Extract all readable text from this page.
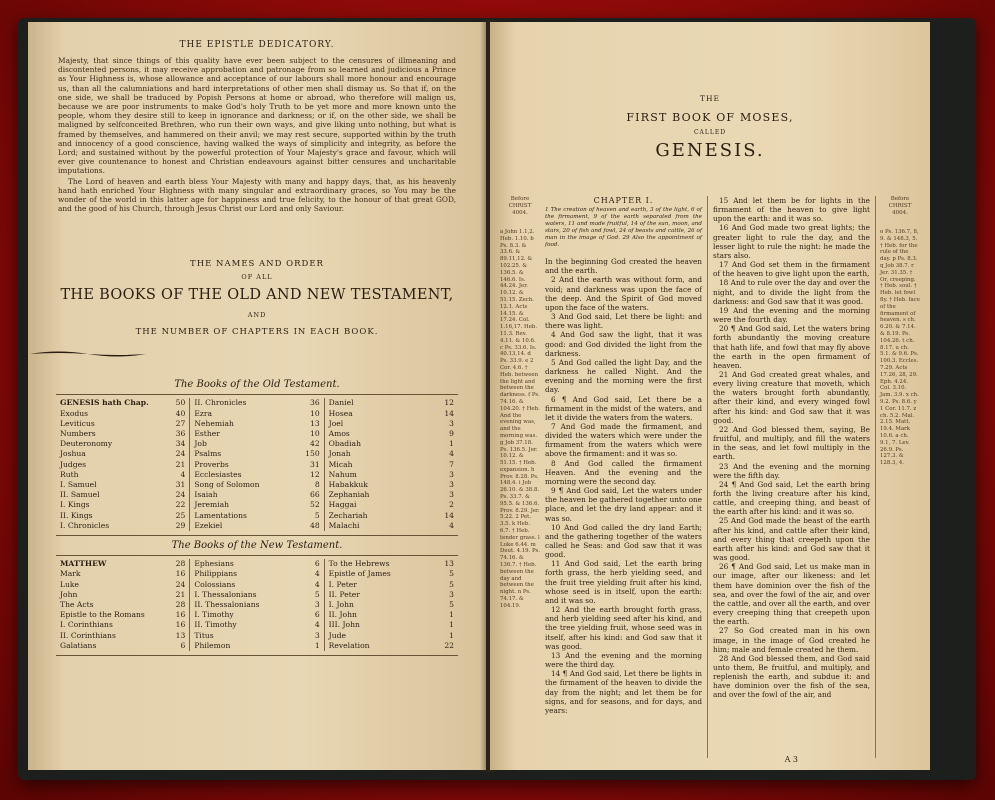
THE EPISTLE DEDICATORY.
Majesty, that since things of this quality have ever been subject to the censures of illmeaning and discontented persons, it may receive approbation and patronage from so learned and judicious a Prince as Your Highness is, whose allowance and acceptance of our labours shall more honour and encourage us, than all the calumniations and hard interpretations of other men shall dismay us. So that if, on the one side, we shall be traduced by Popish Persons at home or abroad, who therefore will malign us, because we are poor instruments to make God's holy Truth to be yet more and more known unto the people, whom they desire still to keep in ignorance and darkness; or if, on the other side, we shall be maligned by selfconceited Brethren, who run their own ways, and give liking unto nothing, but what is framed by themselves, and hammered on their anvil; we may rest secure, supported within by the truth and innocency of a good conscience, having walked the ways of simplicity and integrity, as before the Lord; and sustained without by the powerful protection of Your Majesty's grace and favour, which will ever give countenance to honest and Christian endeavours against bitter censures and uncharitable imputations.
The Lord of heaven and earth bless Your Majesty with many and happy days, that, as his heavenly hand hath enriched Your Highness with many singular and extraordinary graces, so You may be the wonder of the world in this latter age for happiness and true felicity, to the honour of that great GOD, and the good of his Church, through Jesus Christ our Lord and only Saviour.
THE NAMES AND ORDER
OF ALL
THE BOOKS OF THE OLD AND NEW TESTAMENT,
AND
THE NUMBER OF CHAPTERS IN EACH BOOK.
The Books of the Old Testament.
GENESIS hath Chap.	50
Exodus	40
Leviticus	27
Numbers	36
Deuteronomy	34
Joshua	24
Judges	21
Ruth	4
I. Samuel	31
II. Samuel	24
I. Kings	22
II. Kings	25
I. Chronicles	29
II. Chronicles	36
Ezra	10
Nehemiah	13
Esther	10
Job	42
Psalms	150
Proverbs	31
Ecclesiastes	12
Song of Solomon	8
Isaiah	66
Jeremiah	52
Lamentations	5
Ezekiel	48
Daniel	12
Hosea	14
Joel	3
Amos	9
Obadiah	1
Jonah	4
Micah	7
Nahum	3
Habakkuk	3
Zephaniah	3
Haggai	2
Zechariah	14
Malachi	4
The Books of the New Testament.
MATTHEW	28
Mark	16
Luke	24
John	21
The Acts	28
Epistle to the Romans	16
I. Corinthians	16
II. Corinthians	13
Galatians	6
Ephesians	6
Philippians	4
Colossians	4
I. Thessalonians	5
II. Thessalonians	3
I. Timothy	6
II. Timothy	4
Titus	3
Philemon	1
To the Hebrews	13
Epistle of James	5
I. Peter	5
II. Peter	3
I. John	5
II. John	1
III. John	1
Jude	1
Revelation	22
THE
FIRST BOOK OF MOSES,
CALLED
GENESIS.
Before CHRIST 4004.
a John 1.1,2. Heb. 1.10. b Ps. 8.3. & 33.6. & 89.11,12. & 102.25. & 136.5. & 146.6. Is. 44.24. Jer. 10.12. & 51.15. Zech. 12.1. Acts 14.15. & 17.24. Col. 1.16,17. Heb. 11.3. Rev. 4.11. & 10.6. c Ps. 33.6. Is. 40.13,14. d Ps. 33.9. e 2 Cor. 4.6. † Heb. between the light and between the darkness. f Ps. 74.16. & 104.20. † Heb. And the evening was, and the morning was. g Job 37.18. Ps. 136.5. Jer. 10.12. & 51.15. † Heb. expansion. h Prov. 8.28. Ps. 148.4. i Job 26.10. & 38.8. Ps. 33.7. & 95.5. & 136.6. Prov. 8.29. Jer. 5.22. 2 Pet. 3.5. k Heb. 6.7. † Heb. tender grass. l Luke 6.44. m Deut. 4.19. Ps. 74.16. & 136.7. † Heb. between the day and between the night. n Ps. 74.17. & 104.19.
CHAPTER I.
1 The creation of heaven and earth, 3 of the light, 6 of the firmament, 9 of the earth separated from the waters, 11 and made fruitful, 14 of the sun, moon, and stars, 20 of fish and fowl, 24 of beasts and cattle, 26 of man in the image of God. 29 Also the appointment of food.
In the beginning God created the heaven and the earth.
2 And the earth was without form, and void; and darkness was upon the face of the deep. And the Spirit of God moved upon the face of the waters.
3 And God said, Let there be light: and there was light.
4 And God saw the light, that it was good: and God divided the light from the darkness.
5 And God called the light Day, and the darkness he called Night. And the evening and the morning were the first day.
6 ¶ And God said, Let there be a firmament in the midst of the waters, and let it divide the waters from the waters.
7 And God made the firmament, and divided the waters which were under the firmament from the waters which were above the firmament: and it was so.
8 And God called the firmament Heaven. And the evening and the morning were the second day.
9 ¶ And God said, Let the waters under the heaven be gathered together unto one place, and let the dry land appear: and it was so.
10 And God called the dry land Earth; and the gathering together of the waters called he Seas: and God saw that it was good.
11 And God said, Let the earth bring forth grass, the herb yielding seed, and the fruit tree yielding fruit after his kind, whose seed is in itself, upon the earth: and it was so.
12 And the earth brought forth grass, and herb yielding seed after his kind, and the tree yielding fruit, whose seed was in itself, after his kind: and God saw that it was good.
13 And the evening and the morning were the third day.
14 ¶ And God said, Let there be lights in the firmament of the heaven to divide the day from the night; and let them be for signs, and for seasons, and for days, and years:
15 And let them be for lights in the firmament of the heaven to give light upon the earth: and it was so.
16 And God made two great lights; the greater light to rule the day, and the lesser light to rule the night: he made the stars also.
17 And God set them in the firmament of the heaven to give light upon the earth,
18 And to rule over the day and over the night, and to divide the light from the darkness: and God saw that it was good.
19 And the evening and the morning were the fourth day.
20 ¶ And God said, Let the waters bring forth abundantly the moving creature that hath life, and fowl that may fly above the earth in the open firmament of heaven.
21 And God created great whales, and every living creature that moveth, which the waters brought forth abundantly, after their kind, and every winged fowl after his kind: and God saw that it was good.
22 And God blessed them, saying, Be fruitful, and multiply, and fill the waters in the seas, and let fowl multiply in the earth.
23 And the evening and the morning were the fifth day.
24 ¶ And God said, Let the earth bring forth the living creature after his kind, cattle, and creeping thing, and beast of the earth after his kind: and it was so.
25 And God made the beast of the earth after his kind, and cattle after their kind, and every thing that creepeth upon the earth after his kind: and God saw that it was good.
26 ¶ And God said, Let us make man in our image, after our likeness: and let them have dominion over the fish of the sea, and over the fowl of the air, and over the cattle, and over all the earth, and over every creeping thing that creepeth upon the earth.
27 So God created man in his own image, in the image of God created he him; male and female created he them.
28 And God blessed them, and God said unto them, Be fruitful, and multiply, and replenish the earth, and subdue it: and have dominion over the fish of the sea, and over the fowl of the air, and
Before CHRIST 4004.
o Ps. 136.7, 8, 9. & 148.3, 5. † Heb. for the rule of the day. p Ps. 8.3. q Job 38.7. r Jer. 31.35. † Or, creeping. † Heb. soul. † Heb. let fowl fly. † Heb. face of the firmament of heaven. s ch. 6.20. & 7.14. & 8.19. Ps. 104.26. t ch. 8.17. u ch. 5.1. & 9.6. Ps. 100.3. Eccles. 7.29. Acts 17.26, 28, 29. Eph. 4.24. Col. 3.10. Jam. 3.9. x ch. 9.2. Ps. 8.6. y 1 Cor. 11.7. z ch. 5.2. Mal. 2.15. Matt. 19.4. Mark 10.6. a ch. 9.1, 7. Lev. 26.9. Ps. 127.3. & 128.3, 4.
A 3
